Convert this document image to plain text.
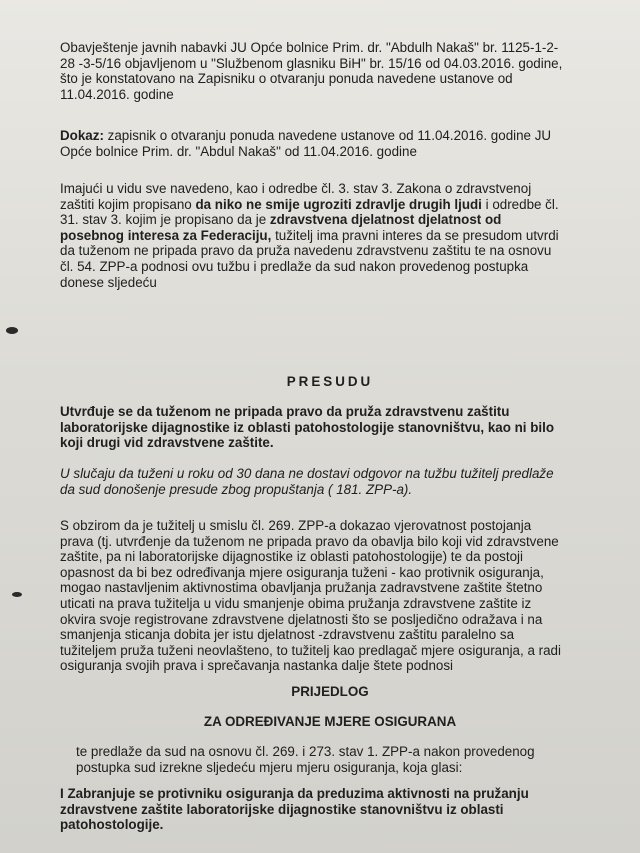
Obavještenje javnih nabavki JU Opće bolnice Prim. dr. "Abdulh Nakaš" br. 1125-1-2-
28 -3-5/16 objavljenom u "Službenom glasniku BiH" br. 15/16 od 04.03.2016. godine,
što je konstatovano na Zapisniku o otvaranju ponuda navedene ustanove od
11.04.2016. godine
Dokaz: zapisnik o otvaranju ponuda navedene ustanove od 11.04.2016. godine JU
Opće bolnice Prim. dr. "Abdul Nakaš" od 11.04.2016. godine
Imajući u vidu sve navedeno, kao i odredbe čl. 3. stav 3. Zakona o zdravstvenoj
zaštiti kojim propisano da niko ne smije ugroziti zdravlje drugih ljudi i odredbe čl.
31. stav 3. kojim je propisano da je zdravstvena djelatnost djelatnost od
posebnog interesa za Federaciju, tužitelj ima pravni interes da se presudom utvrdi
da tuženom ne pripada pravo da pruža navedenu zdravstvenu zaštitu te na osnovu
čl. 54. ZPP-a podnosi ovu tužbu i predlaže da sud nakon provedenog postupka
donese sljedeću
PRESUDU
Utvrđuje se da tuženom ne pripada pravo da pruža zdravstvenu zaštitu
laboratorijske dijagnostike iz oblasti patohostologije stanovništvu, kao ni bilo
koji drugi vid zdravstvene zaštite.
U slučaju da tuženi u roku od 30 dana ne dostavi odgovor na tužbu tužitelj predlaže
da sud donošenje presude zbog propuštanja ( 181. ZPP-a).
S obzirom da je tužitelj u smislu čl. 269. ZPP-a dokazao vjerovatnost postojanja
prava (tj. utvrđenje da tuženom ne pripada pravo da obavlja bilo koji vid zdravstvene
zaštite, pa ni laboratorijske dijagnostike iz oblasti patohostologije) te da postoji
opasnost da bi bez određivanja mjere osiguranja tuženi - kao protivnik osiguranja,
mogao nastavljenim aktivnostima obavljanja pružanja zadravstvene zaštite štetno
uticati na prava tužitelja u vidu smanjenje obima pružanja zdravstvene zaštite iz
okvira svoje registrovane zdravstvene djelatnosti što se posljedično odražava i na
smanjenja sticanja dobita jer istu djelatnost -zdravstvenu zaštitu paralelno sa
tužiteljem pruža tuženi neovlašteno, to tužitelj kao predlagač mjere osiguranja, a radi
osiguranja svojih prava i sprečavanja nastanka dalje štete podnosi
PRIJEDLOG
ZA ODREĐIVANJE MJERE OSIGURANA
te predlaže da sud na osnovu čl. 269. i 273. stav 1. ZPP-a nakon provedenog
postupka sud izrekne sljedeću mjeru mjeru osiguranja, koja glasi:
I Zabranjuje se protivniku osiguranja da preduzima aktivnosti na pružanju
zdravstvene zaštite laboratorijske dijagnostike stanovništvu iz oblasti
patohostologije.
